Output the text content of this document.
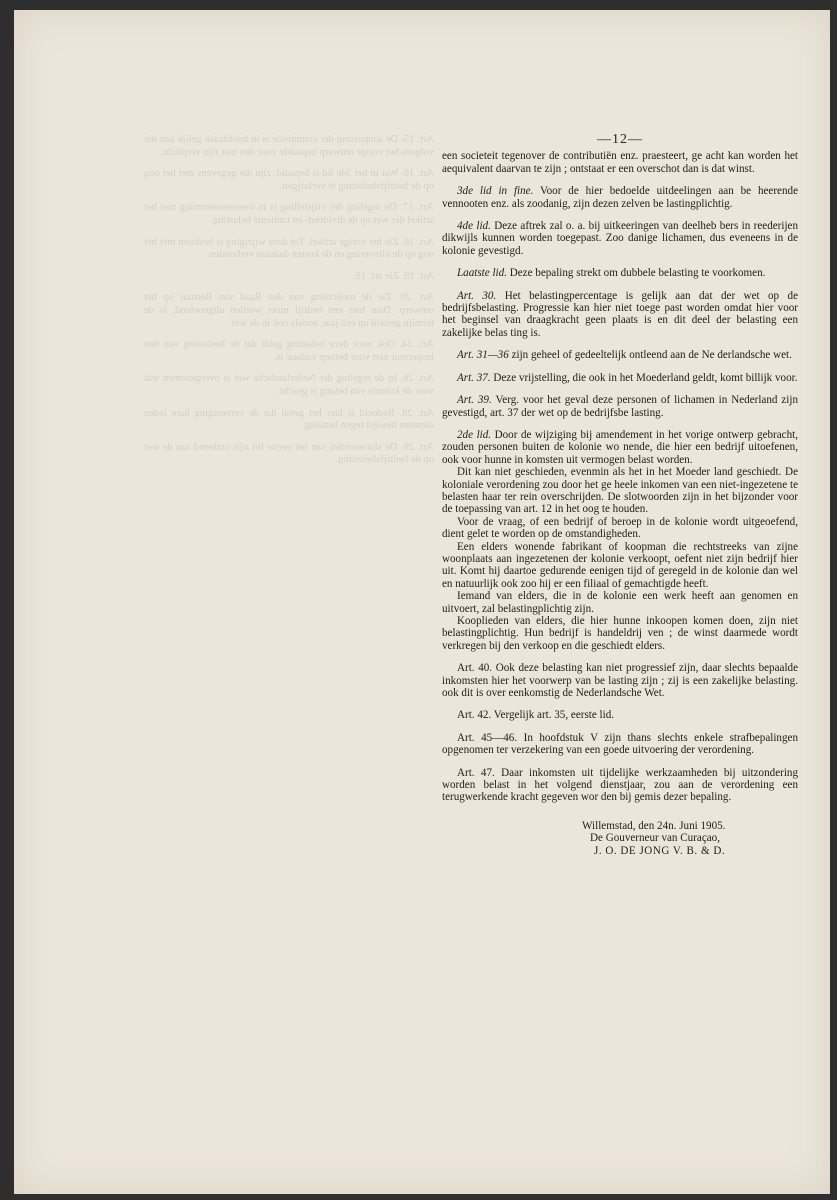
Art. 15. De aanpassing der commissie is in hoofdzaak gelijk aan die volgens het vorige ontwerp bepaalde voor den niet zijn verplicht.

Art. 16. Wat in het 3de lid is bepaald, zijn die gegevens met het oog op de bedrijfsbelasting te verkrijgen.

Art. 17. De regeling der vrijstelling is in overeenstemming met het artikel der wet op de dividend- en tantieme belasting.

Art. 18. Zie het vorige artikel. Tot deze wijziging is besloten met het oog op de uitvoering en de kosten daaraan verbonden.

Art. 19. Zie art. 18.

Art. 20. Zie de toelichting van den Raad van Bestuur op het ontwerp. Daar hier een bedrijf moet worden uitgeoefend, is de termijn gesteld op een jaar, zooals ook in de wet.

Art. 24. Ook voor deze belasting geldt dat de beslissing van den inspecteur niet voor beroep vatbaar is.

Art. 26. In de regeling der Nederlandsche wet is overgenomen wat voor de kolonie van belang is geacht.

Art. 28. Bedoeld is hier het geval dat de vereeniging hare leden diensten bewijst tegen betaling.

Art. 29. De slotwoorden van het eerste lid zijn ontleend aan de wet op de bedrijfsbelasting.

—12—

een societeit tegenover de contributiën enz. praesteert, ge acht kan worden het aequivalent daarvan te zijn ; ontstaat er een overschot dan is dat winst.

3de lid in fine. Voor de hier bedoelde uitdeelingen aan be heerende vennooten enz. als zoodanig, zijn dezen zelven be lastingplichtig.

4de lid. Deze aftrek zal o. a. bij uitkeeringen van deelheb bers in reederijen dikwijls kunnen worden toegepast. Zoo danige lichamen, dus eveneens in de kolonie gevestigd.

Laatste lid. Deze bepaling strekt om dubbele belasting te voorkomen.

Art. 30. Het belastingpercentage is gelijk aan dat der wet op de bedrijfsbelasting. Progressie kan hier niet toege past worden omdat hier voor het beginsel van draagkracht geen plaats is en dit deel der belasting een zakelijke belas ting is.

Art. 31—36 zijn geheel of gedeeltelijk ontleend aan de Ne derlandsche wet.

Art. 37. Deze vrijstelling, die ook in het Moederland geldt, komt billijk voor.

Art. 39. Verg. voor het geval deze personen of lichamen in Nederland zijn gevestigd, art. 37 der wet op de bedrijfsbe lasting.

2de lid. Door de wijziging bij amendement in het vorige ontwerp gebracht, zouden personen buiten de kolonie wo nende, die hier een bedrijf uitoefenen, ook voor hunne in komsten uit vermogen belast worden.

Dit kan niet geschieden, evenmin als het in het Moeder land geschiedt. De koloniale verordening zou door het ge heele inkomen van een niet-ingezetene te belasten haar ter rein overschrijden. De slotwoorden zijn in het bijzonder voor de toepassing van art. 12 in het oog te houden.

Voor de vraag, of een bedrijf of beroep in de kolonie wordt uitgeoefend, dient gelet te worden op de omstandigheden.

Een elders wonende fabrikant of koopman die rechtstreeks van zijne woonplaats aan ingezetenen der kolonie verkoopt, oefent niet zijn bedrijf hier uit. Komt hij daartoe gedurende eenigen tijd of geregeld in de kolonie dan wel en natuurlijk ook zoo hij er een filiaal of gemachtigde heeft.

Iemand van elders, die in de kolonie een werk heeft aan genomen en uitvoert, zal belastingplichtig zijn.

Kooplieden van elders, die hier hunne inkoopen komen doen, zijn niet belastingplichtig. Hun bedrijf is handeldrij ven ; de winst daarmede wordt verkregen bij den verkoop en die geschiedt elders.

Art. 40. Ook deze belasting kan niet progressief zijn, daar slechts bepaalde inkomsten hier het voorwerp van be lasting zijn ; zij is een zakelijke belasting. ook dit is over eenkomstig de Nederlandsche Wet.

Art. 42. Vergelijk art. 35, eerste lid.

Art. 45—46. In hoofdstuk V zijn thans slechts enkele strafbepalingen opgenomen ter verzekering van een goede uitvoering der verordening.

Art. 47. Daar inkomsten uit tijdelijke werkzaamheden bij uitzondering worden belast in het volgend dienstjaar, zou aan de verordening een terugwerkende kracht gegeven wor den bij gemis dezer bepaling.

Willemstad, den 24n. Juni 1905.
De Gouverneur van Curaçao,
J. O. DE JONG V. B. & D.
